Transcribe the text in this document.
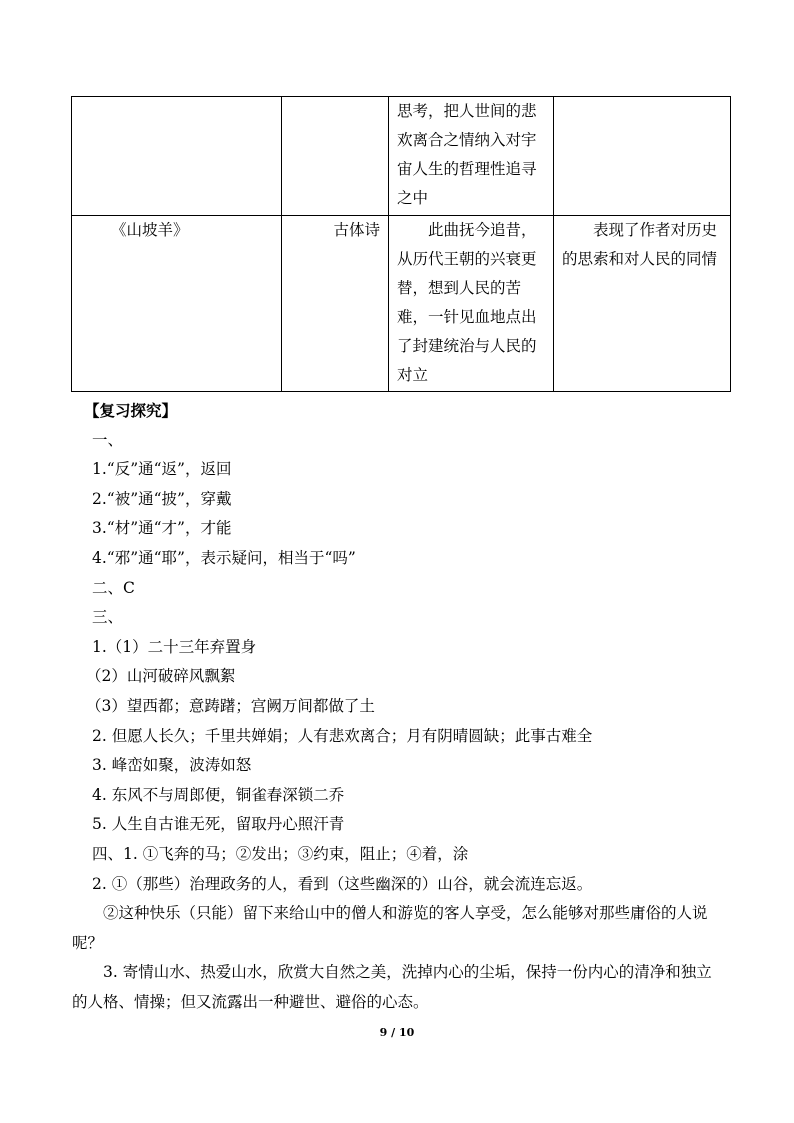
		思考，把人世间的悲欢离合之情纳入对宇宙人生的哲理性追寻之中	

《山坡羊》	古体诗	此曲抚今追昔，从历代王朝的兴衰更替，想到人民的苦难，一针见血地点出了封建统治与人民的对立	表现了作者对历史的思索和对人民的同情

【复习探究】
一、
1.“反”通“返”，返回
2.“被”通“披”，穿戴
3.“材”通“才”，才能
4.“邪”通“耶”，表示疑问，相当于“吗”
二、C
三、
1.（1）二十三年弃置身
（2）山河破碎风飘絮
（3）望西都；意踌躇；宫阙万间都做了土
2. 但愿人长久；千里共婵娟；人有悲欢离合；月有阴晴圆缺；此事古难全
3. 峰峦如聚，波涛如怒
4. 东风不与周郎便，铜雀春深锁二乔
5. 人生自古谁无死，留取丹心照汗青
四、1. ①飞奔的马；②发出；③约束，阻止；④着，涂
2. ①（那些）治理政务的人，看到（这些幽深的）山谷，就会流连忘返。

②这种快乐（只能）留下来给山中的僧人和游览的客人享受，怎么能够对那些庸俗的人说呢？

3. 寄情山水、热爱山水，欣赏大自然之美，洗掉内心的尘垢，保持一份内心的清净和独立的人格、情操；但又流露出一种避世、避俗的心态。

9 / 10
